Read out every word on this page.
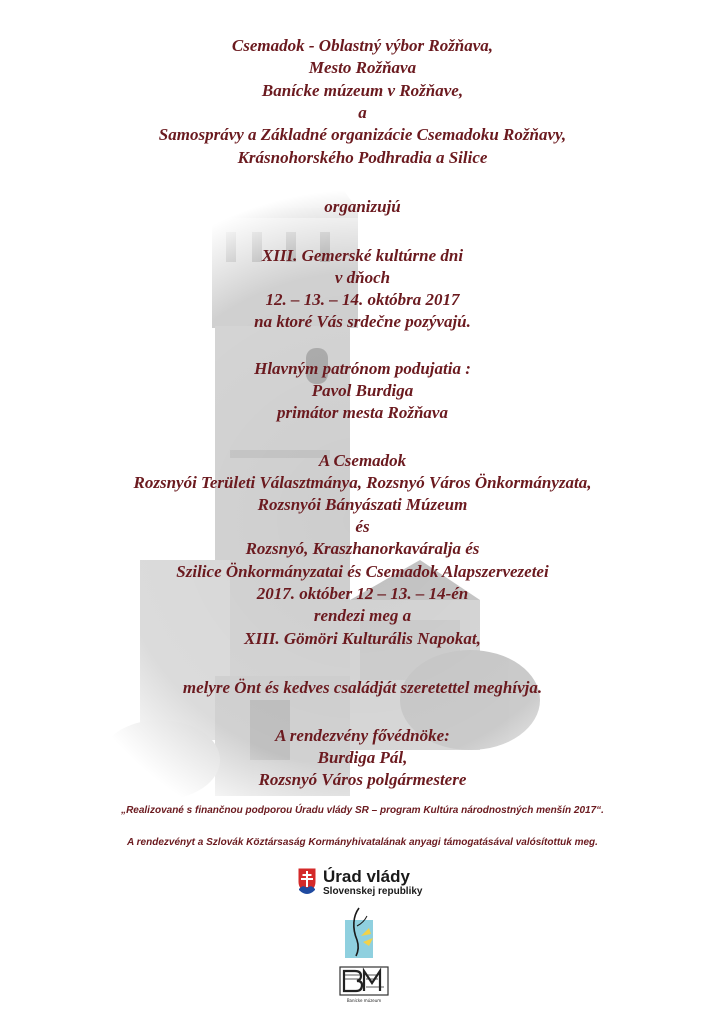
Csemadok - Oblastný výbor Rožňava,
Mesto Rožňava
Banícke múzeum v Rožňave,
a
Samosprávy a Základné organizácie Csemadoku Rožňavy,
Krásnohorského Podhradia a Silice
organizujú
XIII. Gemerské kultúrne dni
v dňoch
12. – 13. – 14. októbra 2017
na ktoré Vás srdečne pozývajú.
Hlavným patrónom podujatia :
Pavol Burdiga
primátor mesta Rožňava
A Csemadok
Rozsnyói Területi Választmánya, Rozsnyó Város Önkormányzata,
Rozsnyói Bányászati Múzeum
és
Rozsnyó, Kraszhanorkaváralja és
Szilice Önkormányzatai és Csemadok Alapszervezetei
2017. október 12 – 13. – 14-én
rendezi meg a
XIII. Gömöri Kulturális Napokat,
melyre Önt és kedves családját szeretettel meghívja.
A rendezvény fővédnöke:
Burdiga Pál,
Rozsnyó Város polgármestere
„Realizované s finančnou podporou Úradu vlády SR – program Kultúra národnostných menšín 2017“.
A rendezvényt a Szlovák Köztársaság Kormányhivatalának anyagi támogatásával valósítottuk meg.
Úrad vlády
Slovenskej republiky
Banícke múzeum
